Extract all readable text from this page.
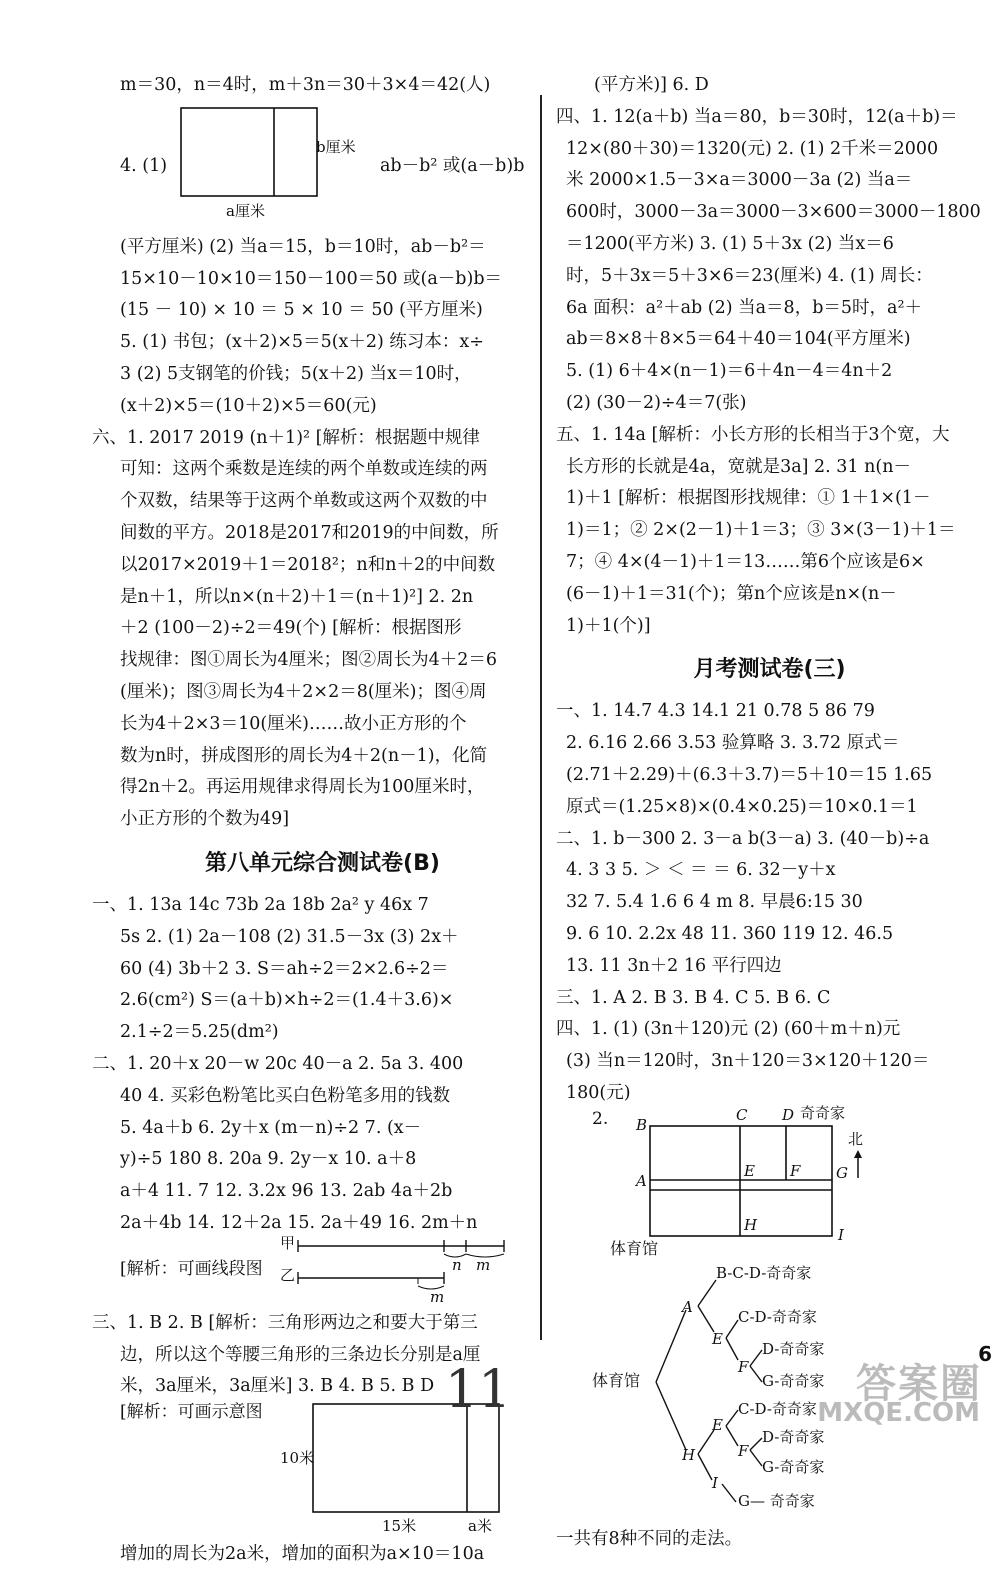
m＝30，n＝4时，m＋3n＝30＋3×4＝42(人)

4. (1)
b厘米
a厘米
ab－b² 或(a－b)b

(平方厘米) (2) 当a＝15，b＝10时，ab－b²＝

15×10－10×10＝150－100＝50 或(a－b)b＝

(15 － 10) × 10 ＝ 5 × 10 ＝ 50 (平方厘米)

5. (1) 书包；(x＋2)×5＝5(x＋2) 练习本：x÷

3 (2) 5支钢笔的价钱；5(x＋2) 当x＝10时，

(x＋2)×5＝(10＋2)×5＝60(元)

六、1. 2017 2019 (n＋1)² [解析：根据题中规律

可知：这两个乘数是连续的两个单数或连续的两

个双数，结果等于这两个单数或这两个双数的中

间数的平方。2018是2017和2019的中间数，所

以2017×2019＋1＝2018²；n和n＋2的中间数

是n＋1，所以n×(n＋2)＋1＝(n＋1)²] 2. 2n

＋2 (100－2)÷2＝49(个) [解析：根据图形

找规律：图①周长为4厘米；图②周长为4＋2＝6

(厘米)；图③周长为4＋2×2＝8(厘米)；图④周

长为4＋2×3＝10(厘米)……故小正方形的个

数为n时，拼成图形的周长为4＋2(n－1)，化简

得2n＋2。再运用规律求得周长为100厘米时，

小正方形的个数为49]

第八单元综合测试卷(B)

一、1. 13a 14c 73b 2a 18b 2a² y 46x 7

5s 2. (1) 2a－108 (2) 31.5－3x (3) 2x＋

60 (4) 3b＋2 3. S＝ah÷2＝2×2.6÷2＝

2.6(cm²) S＝(a＋b)×h÷2＝(1.4＋3.6)×

2.1÷2＝5.25(dm²)

二、1. 20＋x 20－w 20c 40－a 2. 5a 3. 400

40 4. 买彩色粉笔比买白色粉笔多用的钱数

5. 4a＋b 6. 2y＋x (m－n)÷2 7. (x－

y)÷5 180 8. 20a 9. 2y－x 10. a＋8

a＋4 11. 7 12. 3.2x 96 13. 2ab 4a＋2b

2a＋4b 14. 12＋2a 15. 2a＋49 16. 2m＋n

[解析：可画线段图
甲
乙
n m
m

三、1. B 2. B [解析：三角形两边之和要大于第三

边，所以这个等腰三角形的三条边长分别是a厘

米，3a厘米，3a厘米] 3. B 4. B 5. B D

[解析：可画示意图
10米
15米	a米

增加的周长为2a米，增加的面积为a×10＝10a

(平方米)] 6. D

四、1. 12(a＋b) 当a＝80，b＝30时，12(a＋b)＝

12×(80＋30)＝1320(元) 2. (1) 2千米＝2000

米 2000×1.5－3×a＝3000－3a (2) 当a＝

600时，3000－3a＝3000－3×600＝3000－1800

＝1200(平方米) 3. (1) 5＋3x (2) 当x＝6

时，5＋3x＝5＋3×6＝23(厘米) 4. (1) 周长：

6a 面积：a²＋ab (2) 当a＝8，b＝5时，a²＋

ab＝8×8＋8×5＝64＋40＝104(平方厘米)

5. (1) 6＋4×(n－1)＝6＋4n－4＝4n＋2

(2) (30－2)÷4＝7(张)

五、1. 14a [解析：小长方形的长相当于3个宽，大

长方形的长就是4a，宽就是3a] 2. 31 n(n－

1)＋1 [解析：根据图形找规律：① 1＋1×(1－

1)＝1；② 2×(2－1)＋1＝3；③ 3×(3－1)＋1＝

7；④ 4×(4－1)＋1＝13……第6个应该是6×

(6－1)＋1＝31(个)；第n个应该是n×(n－

1)＋1(个)]

月考测试卷(三)

一、1. 14.7 4.3 14.1 21 0.78 5 86 79

2. 6.16 2.66 3.53 验算略 3. 3.72 原式＝

(2.71＋2.29)＋(6.3＋3.7)＝5＋10＝15 1.65

原式＝(1.25×8)×(0.4×0.25)＝10×0.1＝1

二、1. b－300 2. 3－a b(3－a) 3. (40－b)÷a

4. 3 3 5. ＞ ＜ ＝ ＝ 6. 32－y＋x

32 7. 5.4 1.6 6 4 m 8. 早晨6:15 30

9. 6 10. 2.2x 48 11. 360 119 12. 46.5

13. 11 3n＋2 16 平行四边

三、1. A 2. B 3. B 4. C 5. B 6. C

四、1. (1) (3n＋120)元 (2) (60＋m＋n)元

(3) 当n＝120时，3n＋120＝3×120＋120＝180(元)

2. B
C D 奇奇家
北
A
E F G
H
I
体育馆
体育馆
A
B-C-D-奇奇家
E
C-D-奇奇家
F
D-奇奇家
G-奇奇家
E
C-D-奇奇家
F
D-奇奇家
G-奇奇家
H
I
G— 奇奇家

一共有8种不同的走法。

11
6
答案圈
MXQE.COM
